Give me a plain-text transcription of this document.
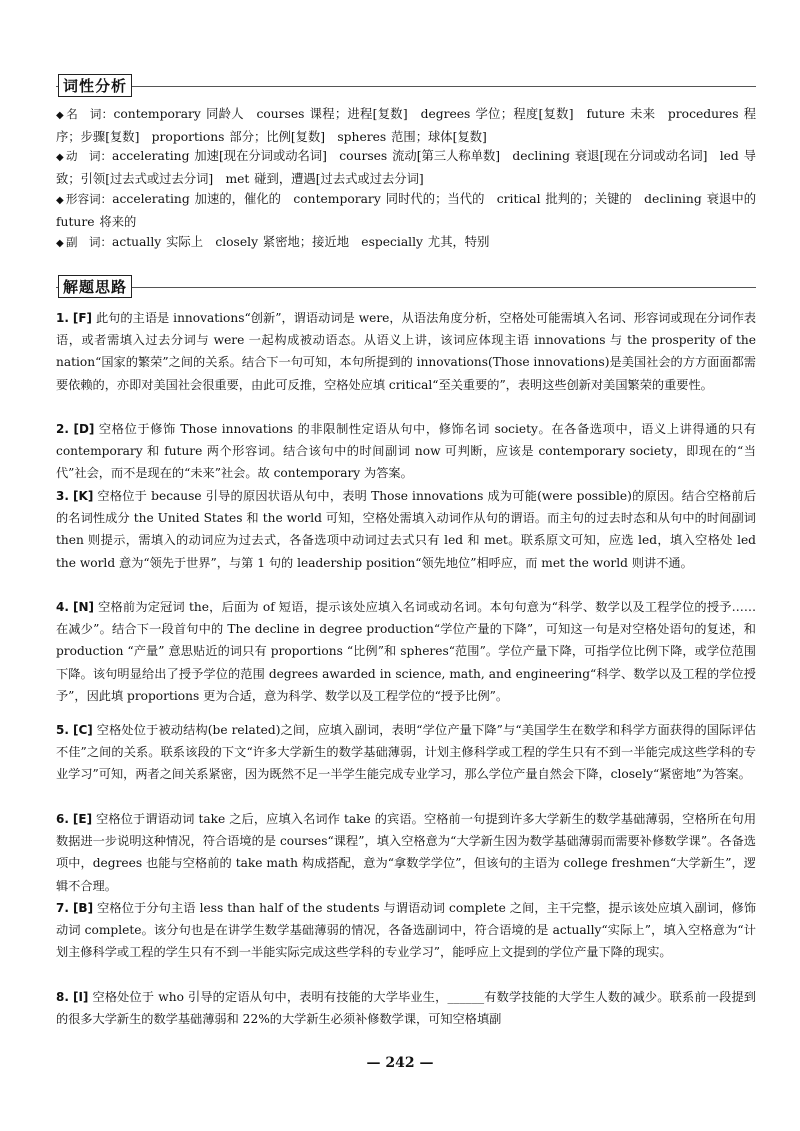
词性分析
◆ 名　词：contemporary 同龄人　courses 课程；进程[复数]　degrees 学位；程度[复数]　future 未来　procedures 程序；步骤[复数]　proportions 部分；比例[复数]　spheres 范围；球体[复数]
◆ 动　词：accelerating 加速[现在分词或动名词]　courses 流动[第三人称单数]　declining 衰退[现在分词或动名词]　led 导致；引领[过去式或过去分词]　met 碰到，遭遇[过去式或过去分词]
◆ 形容词：accelerating 加速的，催化的　contemporary 同时代的；当代的　critical 批判的；关键的　declining 衰退中的　future 将来的
◆ 副　词：actually 实际上　closely 紧密地；接近地　especially 尤其，特别
解题思路
1. [F] 此句的主语是 innovations“创新”，谓语动词是 were，从语法角度分析，空格处可能需填入名词、形容词或现在分词作表语，或者需填入过去分词与 were 一起构成被动语态。从语义上讲，该词应体现主语 innovations 与 the prosperity of the nation“国家的繁荣”之间的关系。结合下一句可知，本句所提到的 innovations(Those innovations)是美国社会的方方面面都需要依赖的，亦即对美国社会很重要，由此可反推，空格处应填 critical“至关重要的”，表明这些创新对美国繁荣的重要性。
2. [D] 空格位于修饰 Those innovations 的非限制性定语从句中，修饰名词 society。在各备选项中，语义上讲得通的只有 contemporary 和 future 两个形容词。结合该句中的时间副词 now 可判断，应该是 contemporary society，即现在的“当代”社会，而不是现在的“未来”社会。故 contemporary 为答案。
3. [K] 空格位于 because 引导的原因状语从句中，表明 Those innovations 成为可能(were possible)的原因。结合空格前后的名词性成分 the United States 和 the world 可知，空格处需填入动词作从句的谓语。而主句的过去时态和从句中的时间副词 then 则提示，需填入的动词应为过去式，各备选项中动词过去式只有 led 和 met。联系原文可知，应选 led，填入空格处 led the world 意为“领先于世界”，与第 1 句的 leadership position“领先地位”相呼应，而 met the world 则讲不通。
4. [N] 空格前为定冠词 the，后面为 of 短语，提示该处应填入名词或动名词。本句句意为“科学、数学以及工程学位的授予……在减少”。结合下一段首句中的 The decline in degree production“学位产量的下降”，可知这一句是对空格处语句的复述，和 production “产量” 意思贴近的词只有 proportions “比例”和 spheres“范围”。学位产量下降，可指学位比例下降，或学位范围下降。该句明显给出了授予学位的范围 degrees awarded in science, math, and engineering“科学、数学以及工程的学位授予”，因此填 proportions 更为合适，意为科学、数学以及工程学位的“授予比例”。
5. [C] 空格处位于被动结构(be related)之间，应填入副词，表明“学位产量下降”与“美国学生在数学和科学方面获得的国际评估不佳”之间的关系。联系该段的下文“许多大学新生的数学基础薄弱，计划主修科学或工程的学生只有不到一半能完成这些学科的专业学习”可知，两者之间关系紧密，因为既然不足一半学生能完成专业学习，那么学位产量自然会下降，closely“紧密地”为答案。
6. [E] 空格位于谓语动词 take 之后，应填入名词作 take 的宾语。空格前一句提到许多大学新生的数学基础薄弱，空格所在句用数据进一步说明这种情况，符合语境的是 courses“课程”，填入空格意为“大学新生因为数学基础薄弱而需要补修数学课”。各备选项中，degrees 也能与空格前的 take math 构成搭配，意为“拿数学学位”，但该句的主语为 college freshmen“大学新生”，逻辑不合理。
7. [B] 空格位于分句主语 less than half of the students 与谓语动词 complete 之间，主干完整，提示该处应填入副词，修饰动词 complete。该分句也是在讲学生数学基础薄弱的情况，各备选副词中，符合语境的是 actually“实际上”，填入空格意为“计划主修科学或工程的学生只有不到一半能实际完成这些学科的专业学习”，能呼应上文提到的学位产量下降的现实。
8. [I] 空格处位于 who 引导的定语从句中，表明有技能的大学毕业生，______有数学技能的大学生人数的减少。联系前一段提到的很多大学新生的数学基础薄弱和 22%的大学新生必须补修数学课，可知空格填副
— 242 —
